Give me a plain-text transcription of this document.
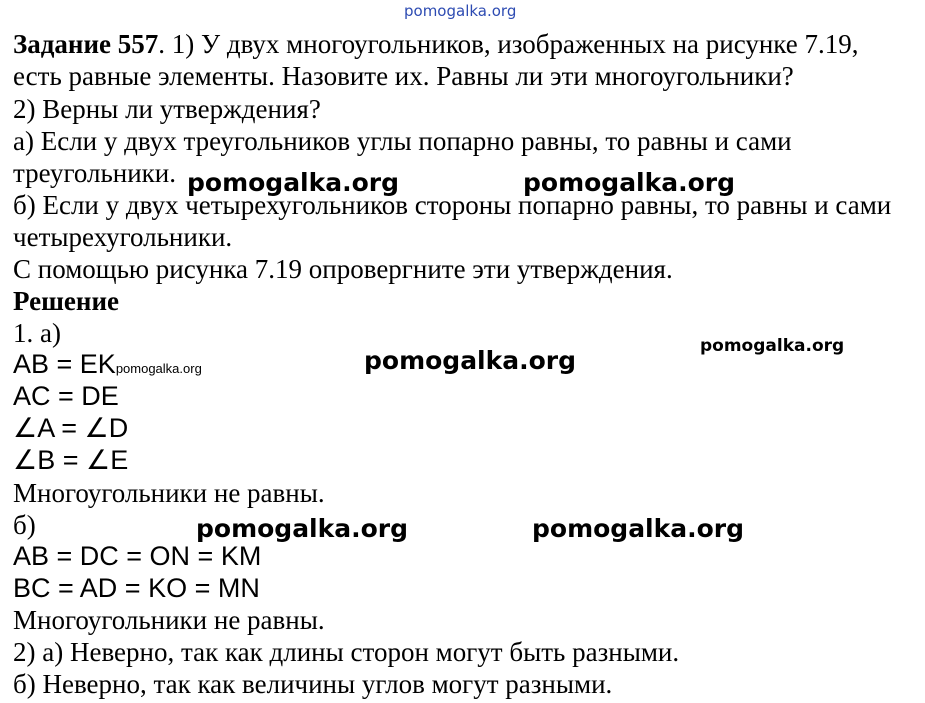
pomogalka.org
Задание 557. 1) У двух многоугольников, изображенных на рисунке 7.19,
есть равные элементы. Назовите их. Равны ли эти многоугольники?
2) Верны ли утверждения?
а) Если у двух треугольников углы попарно равны, то равны и сами
треугольники.
б) Если у двух четырехугольников стороны попарно равны, то равны и сами
четырехугольники.
С помощью рисунка 7.19 опровергните эти утверждения.
Решение
1. а)
AB = EKpomogalka.org
AC = DE
∠A = ∠D
∠B = ∠E
Многоугольники не равны.
б)
AB = DC = ON = KM
BC = AD = KO = MN
Многоугольники не равны.
2) а) Неверно, так как длины сторон могут быть разными.
б) Неверно, так как величины углов могут разными.
pomogalka.org	pomogalka.org
pomogalka.org	pomogalka.org
pomogalka.org	pomogalka.org
